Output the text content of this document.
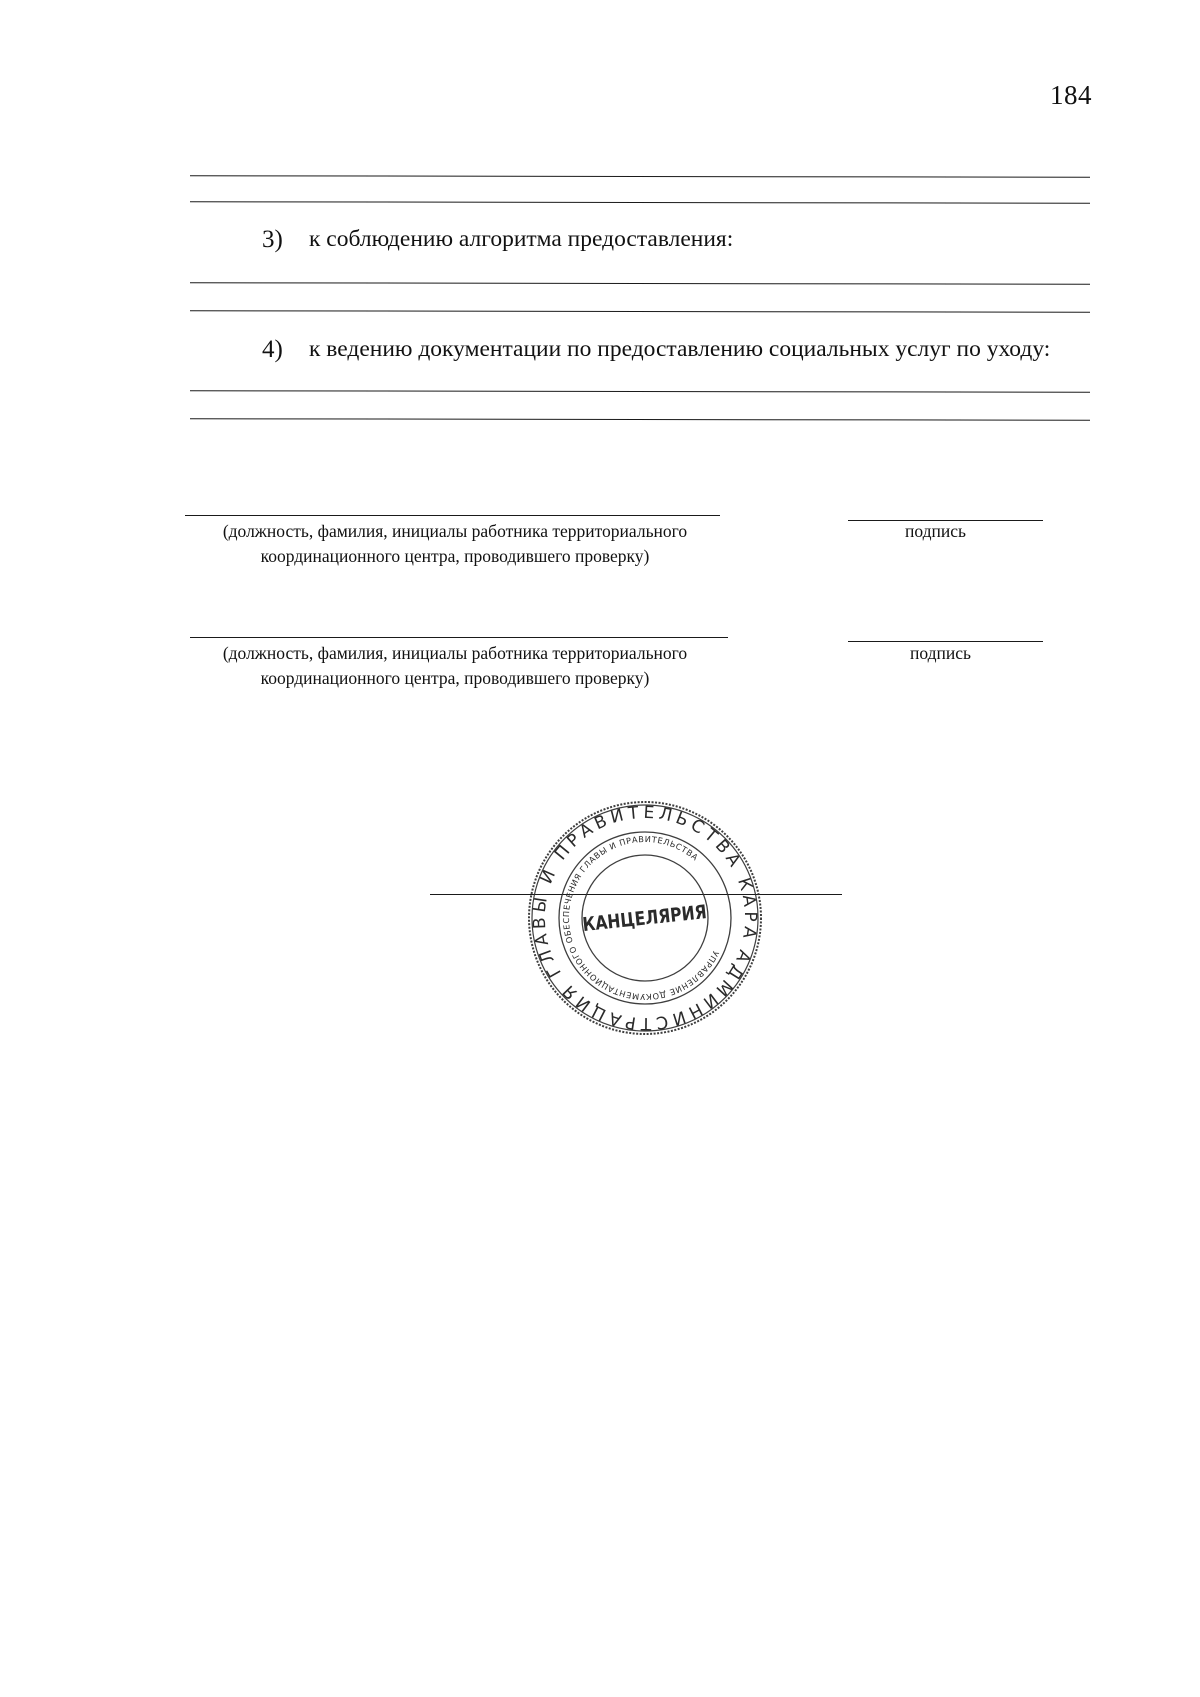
184
3) к соблюдению алгоритма предоставления:
4) к ведению документации по предоставлению социальных услуг по уходу:
(должность, фамилия, инициалы работника территориального
координационного центра, проводившего проверку)
подпись
(должность, фамилия, инициалы работника территориального
координационного центра, проводившего проверку)
подпись
АДМИНИСТРАЦИЯ ГЛАВЫ И ПРАВИТЕЛЬСТВА КАРАЧАЕВО-ЧЕРКЕССКОЙ
УПРАВЛЕНИЕ ДОКУМЕНТАЦИОННОГО ОБЕСПЕЧЕНИЯ ГЛАВЫ И ПРАВИТЕЛЬСТВА
КАНЦЕЛЯРИЯ
